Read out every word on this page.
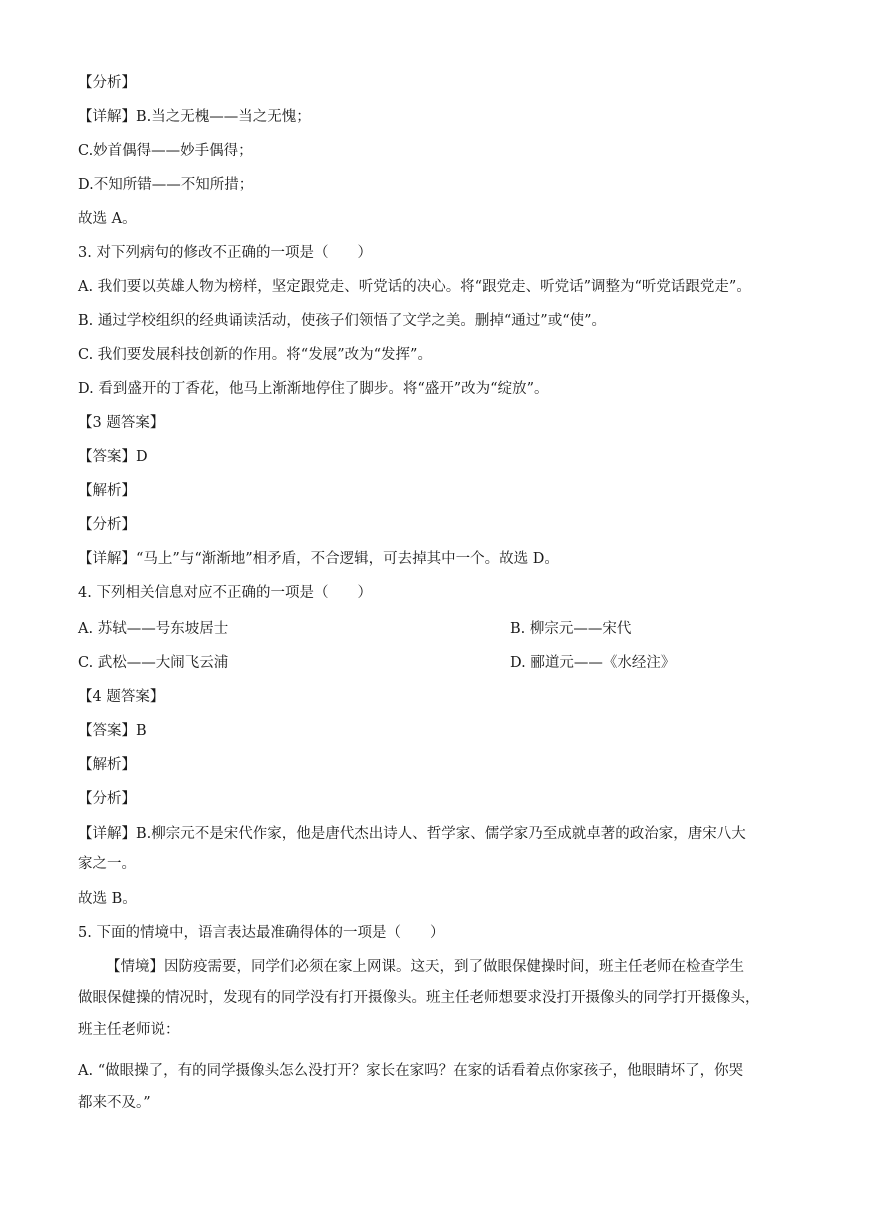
【分析】
【详解】B.当之无槐——当之无愧；
C.妙首偶得——妙手偶得；
D.不知所错——不知所措；
故选 A。
3. 对下列病句的修改不正确的一项是（　　）
A. 我们要以英雄人物为榜样，坚定跟党走、听党话的决心。将“跟党走、听党话”调整为“听党话跟党走”。
B. 通过学校组织的经典诵读活动，使孩子们领悟了文学之美。删掉“通过”或“使”。
C. 我们要发展科技创新的作用。将“发展”改为“发挥”。
D. 看到盛开的丁香花，他马上渐渐地停住了脚步。将“盛开”改为“绽放”。
【3 题答案】
【答案】D
【解析】
【分析】
【详解】“马上”与“渐渐地”相矛盾，不合逻辑，可去掉其中一个。故选 D。
4. 下列相关信息对应不正确的一项是（　　）
A. 苏轼——号东坡居士	B. 柳宗元——宋代
C. 武松——大闹飞云浦	D. 郦道元——《水经注》
【4 题答案】
【答案】B
【解析】
【分析】
【详解】B.柳宗元不是宋代作家，他是唐代杰出诗人、哲学家、儒学家乃至成就卓著的政治家，唐宋八大
家之一。
故选 B。
5. 下面的情境中，语言表达最准确得体的一项是（　　）
【情境】因防疫需要，同学们必须在家上网课。这天，到了做眼保健操时间，班主任老师在检查学生
做眼保健操的情况时，发现有的同学没有打开摄像头。班主任老师想要求没打开摄像头的同学打开摄像头，
班主任老师说：
A. “做眼操了，有的同学摄像头怎么没打开？家长在家吗？在家的话看着点你家孩子，他眼睛坏了，你哭
都来不及。”
